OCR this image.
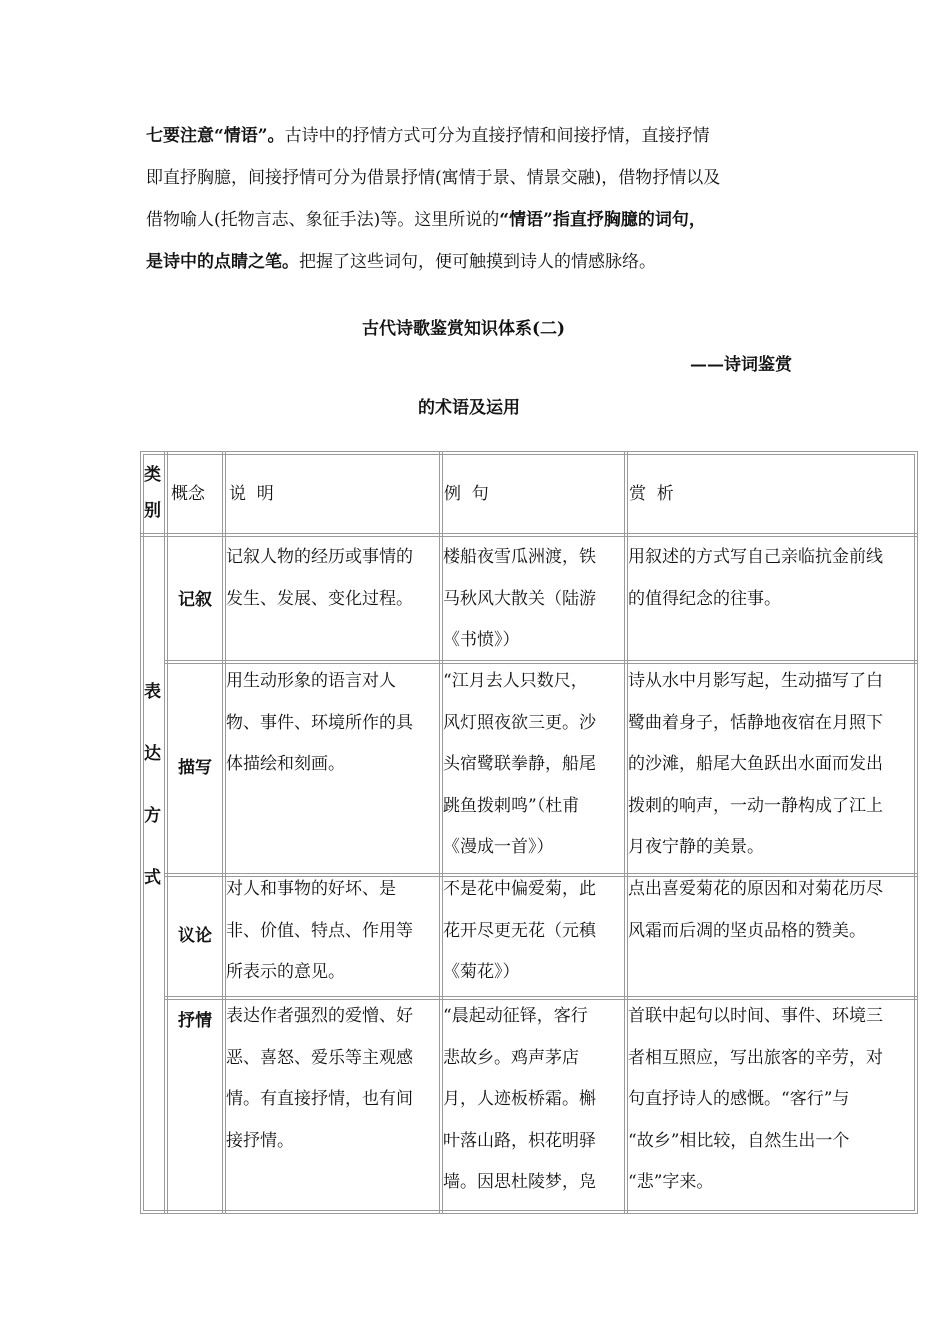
七要注意“情语”。古诗中的抒情方式可分为直接抒情和间接抒情，直接抒情
即直抒胸臆，间接抒情可分为借景抒情(寓情于景、情景交融)，借物抒情以及
借物喻人(托物言志、象征手法)等。这里所说的“情语”指直抒胸臆的词句，
是诗中的点睛之笔。把握了这些词句，便可触摸到诗人的情感脉络。
古代诗歌鉴赏知识体系(二)
——诗词鉴赏
的术语及运用
类
别
概念 说  明	例  句	赏  析
表
达
方
式
记叙
记叙人物的经历或事情的
发生、发展、变化过程。
楼船夜雪瓜洲渡，铁
马秋风大散关（陆游
《书愤》）
用叙述的方式写自己亲临抗金前线
的值得纪念的往事。
描写
用生动形象的语言对人
物、事件、环境所作的具
体描绘和刻画。
“江月去人只数尺，
风灯照夜欲三更。沙
头宿鹭联拳静，船尾
跳鱼拨剌鸣”（杜甫
《漫成一首》）
诗从水中月影写起，生动描写了白
鹭曲着身子，恬静地夜宿在月照下
的沙滩，船尾大鱼跃出水面而发出
拨刺的响声，一动一静构成了江上
月夜宁静的美景。
议论
对人和事物的好坏、是
非、价值、特点、作用等
所表示的意见。
不是花中偏爱菊，此
花开尽更无花（元稹
《菊花》）
点出喜爱菊花的原因和对菊花历尽
风霜而后凋的坚贞品格的赞美。
抒情 表达作者强烈的爱憎、好
恶、喜怒、爱乐等主观感
情。有直接抒情，也有间
接抒情。
“晨起动征铎，客行
悲故乡。鸡声茅店
月，人迹板桥霜。槲
叶落山路，枳花明驿
墙。因思杜陵梦，凫
首联中起句以时间、事件、环境三
者相互照应，写出旅客的辛劳，对
句直抒诗人的感慨。“客行”与
“故乡”相比较，自然生出一个
“悲”字来。
